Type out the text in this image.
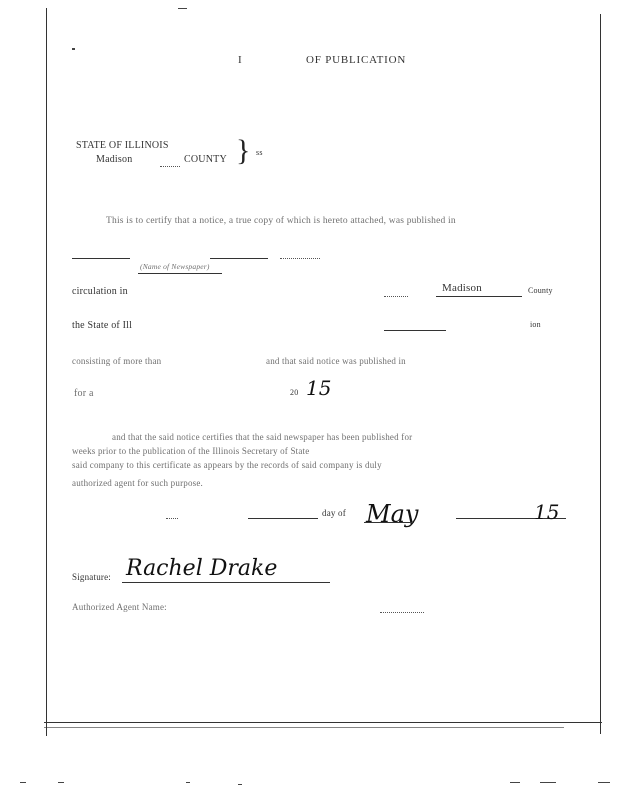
I	OF PUBLICATION
STATE OF ILLINOIS
Madison	COUNTY } ss
This is to certify that a notice, a true copy of which is hereto attached, was published in
(Name of Newspaper)
circulation in	Madison	County
the State of Ill	ion
consisting of more than	and that said notice was published in
for a	20 15
and that the said notice certifies that the said newspaper has been published for
weeks prior to the publication of the Illinois Secretary of State
said company to this certificate as appears by the records of said company is duly
authorized agent for such purpose.
day of May	15
Signature: Rachel Drake
Authorized Agent Name:
